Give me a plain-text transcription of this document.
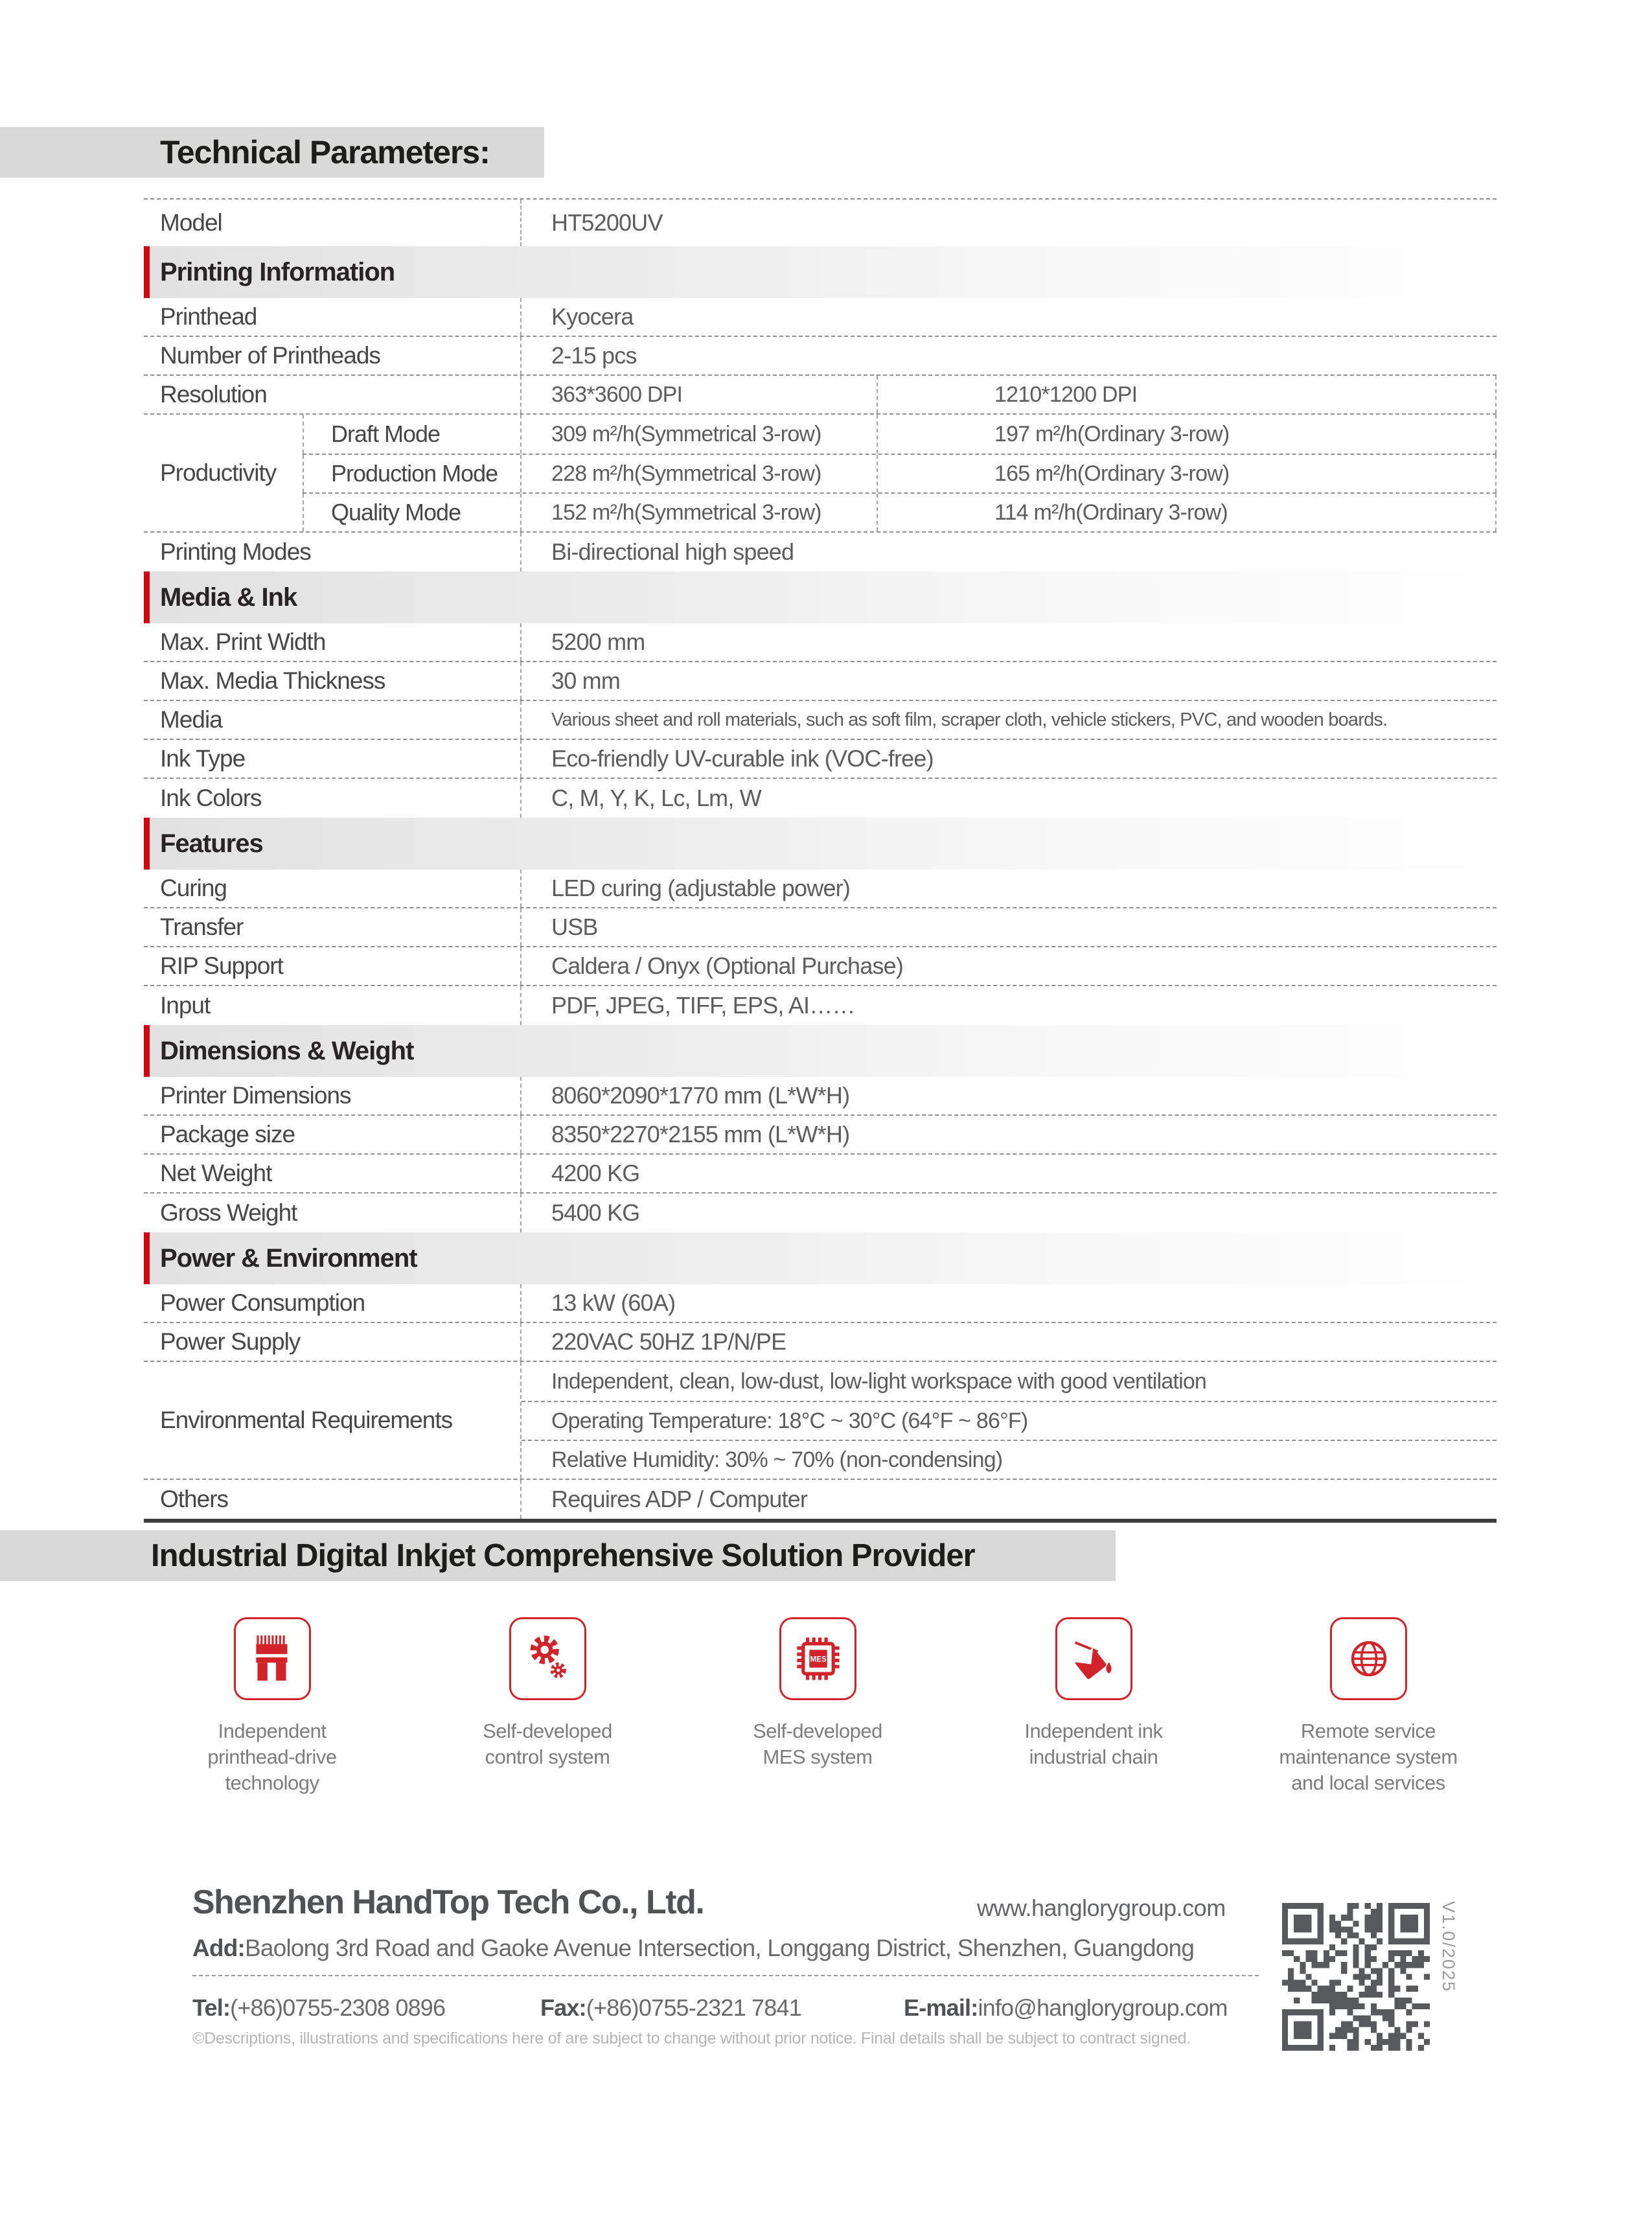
Technical Parameters:
Model	HT5200UV
Printing Information
Printhead	Kyocera
Number of Printheads	2-15 pcs
Resolution	363*3600 DPI	1210*1200 DPI
Productivity
Draft Mode	309 m²/h(Symmetrical 3-row)	197 m²/h(Ordinary 3-row)
Production Mode	228 m²/h(Symmetrical 3-row)	165 m²/h(Ordinary 3-row)
Quality Mode	152 m²/h(Symmetrical 3-row)	114 m²/h(Ordinary 3-row)
Printing Modes	Bi-directional high speed
Media & Ink
Max. Print Width	5200 mm
Max. Media Thickness	30 mm
Media	Various sheet and roll materials, such as soft film, scraper cloth, vehicle stickers, PVC, and wooden boards.
Ink Type	Eco-friendly UV-curable ink (VOC-free)
Ink Colors	C, M, Y, K, Lc, Lm, W
Features
Curing	LED curing (adjustable power)
Transfer	USB
RIP Support	Caldera / Onyx (Optional Purchase)
Input	PDF, JPEG, TIFF, EPS, AI……
Dimensions & Weight
Printer Dimensions	8060*2090*1770 mm (L*W*H)
Package size	8350*2270*2155 mm (L*W*H)
Net Weight	4200 KG
Gross Weight	5400 KG
Power & Environment
Power Consumption	13 kW (60A)
Power Supply	220VAC 50HZ 1P/N/PE
Environmental Requirements
Independent, clean, low-dust, low-light workspace with good ventilation
Operating Temperature: 18°C ~ 30°C (64°F ~ 86°F)
Relative Humidity: 30% ~ 70% (non-condensing)
Others	Requires ADP / Computer
Industrial Digital Inkjet Comprehensive Solution Provider
MES
Independent
printhead-drive
technology
Self-developed
control system
Self-developed
MES system
Independent ink
industrial chain
Remote service
maintenance system
and local services
Shenzhen HandTop Tech Co., Ltd.	www.hanglorygroup.com
Add:Baolong 3rd Road and Gaoke Avenue Intersection, Longgang District, Shenzhen, Guangdong
Tel:(+86)0755-2308 0896	Fax:(+86)0755-2321 7841	E-mail:info@hanglorygroup.com
©Descriptions, illustrations and specifications here of are subject to change without prior notice. Final details shall be subject to contract signed.
V1.0/2025
